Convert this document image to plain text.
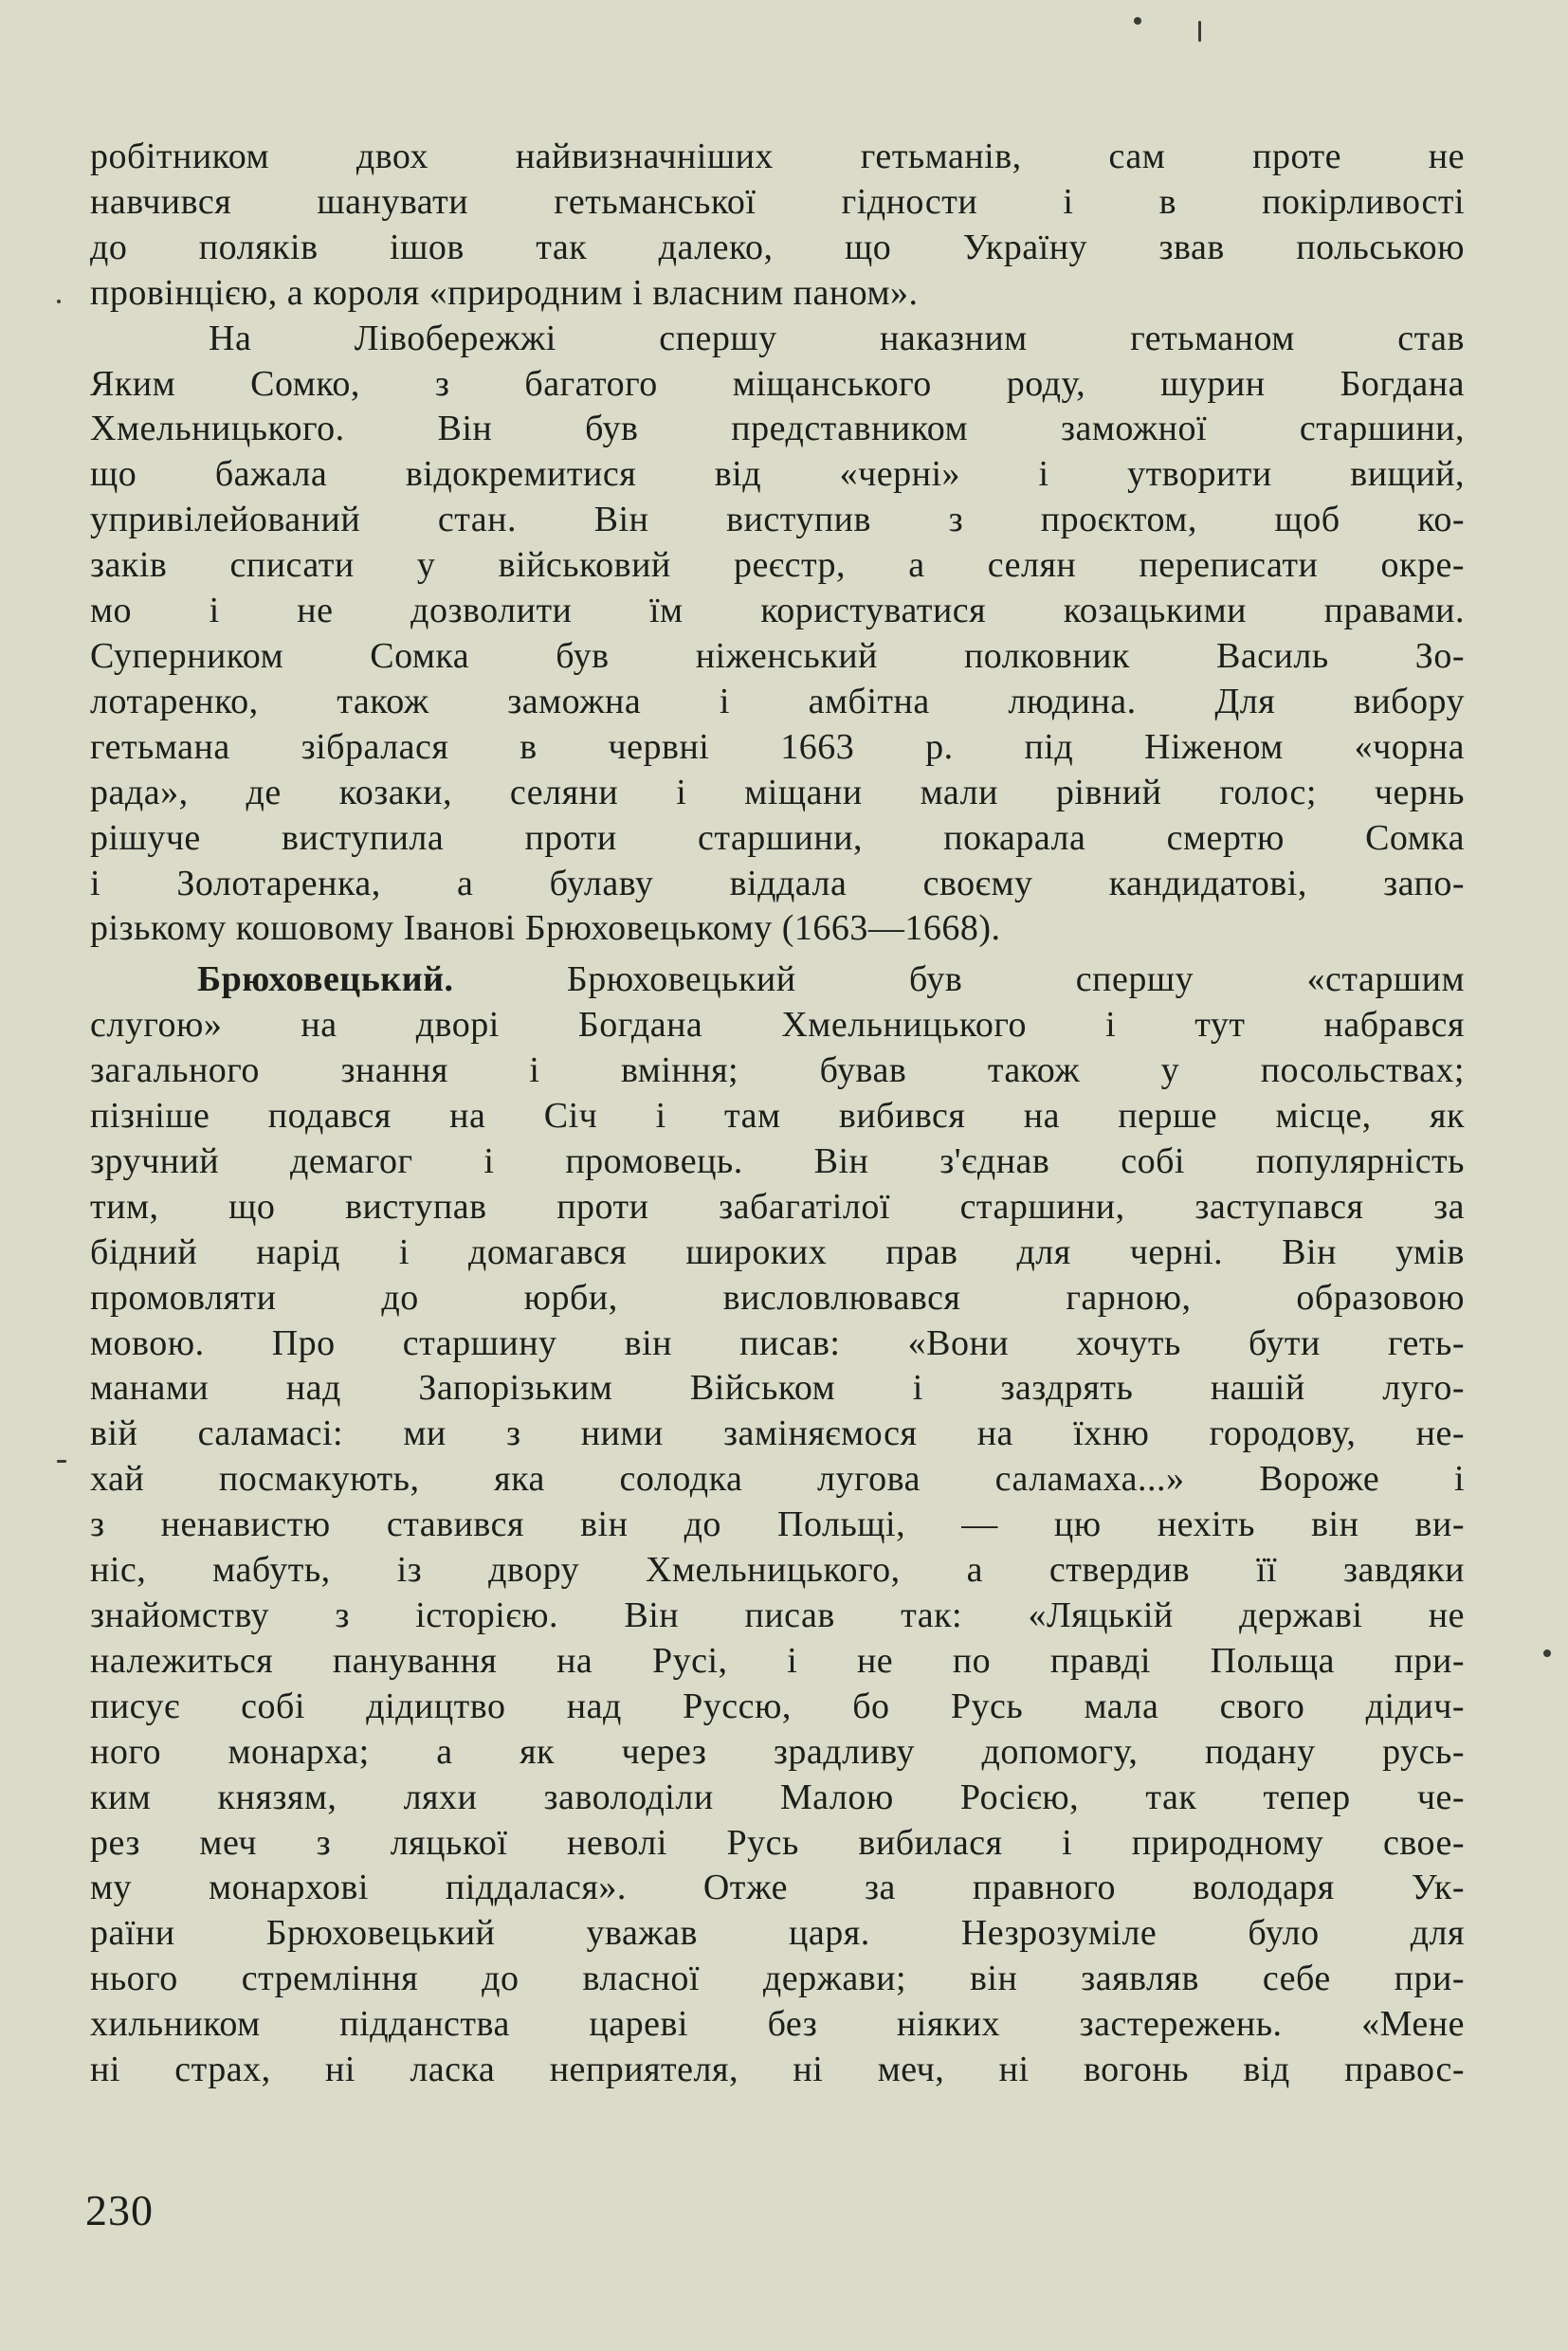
робітником двох найвизначніших гетьманів, сам проте не
навчився шанувати гетьманської гідности і в покірливості
до поляків ішов так далеко, що Україну звав польською
провінцією, а короля «природним і власним паном».
На Лівобережжі спершу наказним гетьманом став
Яким Сомко, з багатого міщанського роду, шурин Богдана
Хмельницького. Він був представником заможної старшини,
що бажала відокремитися від «черні» і утворити вищий,
упривілейований стан. Він виступив з проєктом, щоб ко-
заків списати у військовий реєстр, а селян переписати окре-
мо і не дозволити їм користуватися козацькими правами.
Суперником Сомка був ніженський полковник Василь Зо-
лотаренко, також заможна і амбітна людина. Для вибору
гетьмана зібралася в червні 1663 р. під Ніженом «чорна
рада», де козаки, селяни і міщани мали рівний голос; чернь
рішуче виступила проти старшини, покарала смертю Сомка
і Золотаренка, а булаву віддала своєму кандидатові, запо-
різькому кошовому Іванові Брюховецькому (1663—1668).
Брюховецький.	Брюховецький був спершу «старшим
слугою» на дворі Богдана Хмельницького і тут набрався
загального знання і вміння; бував також у посольствах;
пізніше подався на Січ і там вибився на перше місце, як
зручний демагог і промовець. Він з'єднав собі популярність
тим, що виступав проти забагатілої старшини, заступався за
бідний нарід і домагався широких прав для черні. Він умів
промовляти до юрби, висловлювався гарною, образовою
мовою. Про старшину він писав: «Вони хочуть бути геть-
манами над Запорізьким Військом і заздрять нашій луго-
вій саламасі: ми з ними заміняємося на їхню городову, не-
хай посмакують, яка солодка лугова саламаха...» Вороже і
з ненавистю ставився він до Польщі, — цю нехіть він ви-
ніс, мабуть, із двору Хмельницького, а ствердив її завдяки
знайомству з історією. Він писав так: «Ляцькій державі не
належиться панування на Русі, і не по правді Польща при-
писує собі дідицтво над Руссю, бо Русь мала свого дідич-
ного монарха; а як через зрадливу допомогу, подану русь-
ким князям, ляхи заволоділи Малою Росією, так тепер че-
рез меч з ляцької неволі Русь вибилася і природному свое-
му монархові піддалася». Отже за правного володаря Ук-
раїни Брюховецький уважав царя. Незрозуміле було для
нього стремління до власної держави; він заявляв себе при-
хильником підданства цареві без ніяких застережень. «Мене
ні страх, ні ласка неприятеля, ні меч, ні вогонь від правос-
230
